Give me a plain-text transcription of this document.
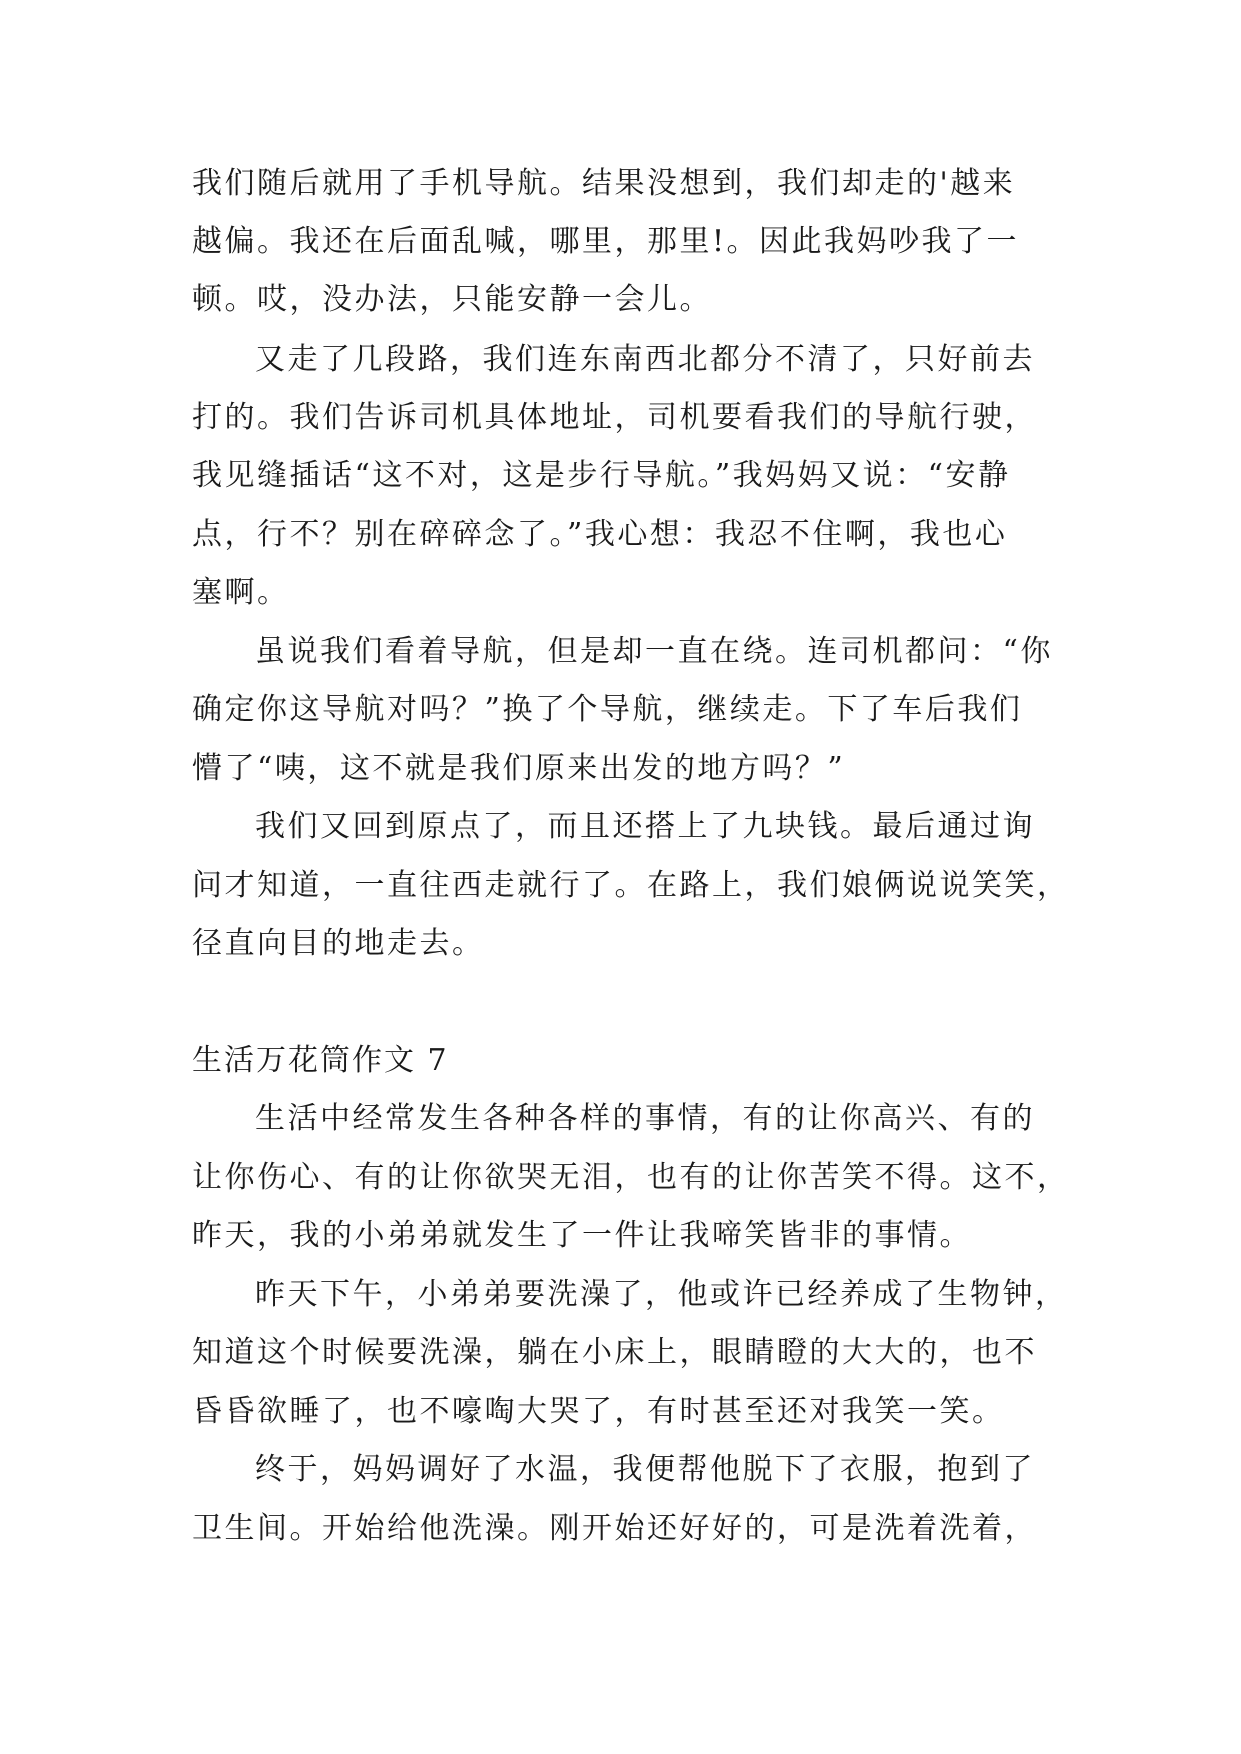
我们随后就用了手机导航。结果没想到，我们却走的'越来
越偏。我还在后面乱喊，哪里，那里!。因此我妈吵我了一
顿。哎，没办法，只能安静一会儿。
又走了几段路，我们连东南西北都分不清了，只好前去
打的。我们告诉司机具体地址，司机要看我们的导航行驶，
我见缝插话“这不对，这是步行导航。”我妈妈又说：“安静
点，行不？别在碎碎念了。”我心想：我忍不住啊，我也心
塞啊。
虽说我们看着导航，但是却一直在绕。连司机都问：“你
确定你这导航对吗？”换了个导航，继续走。下了车后我们
懵了“咦，这不就是我们原来出发的地方吗？”
我们又回到原点了，而且还搭上了九块钱。最后通过询
问才知道，一直往西走就行了。在路上，我们娘俩说说笑笑，
径直向目的地走去。
生活万花筒作文 7
生活中经常发生各种各样的事情，有的让你高兴、有的
让你伤心、有的让你欲哭无泪，也有的让你苦笑不得。这不，
昨天，我的小弟弟就发生了一件让我啼笑皆非的事情。
昨天下午，小弟弟要洗澡了，他或许已经养成了生物钟，
知道这个时候要洗澡，躺在小床上，眼睛瞪的大大的，也不
昏昏欲睡了，也不嚎啕大哭了，有时甚至还对我笑一笑。
终于，妈妈调好了水温，我便帮他脱下了衣服，抱到了
卫生间。开始给他洗澡。刚开始还好好的，可是洗着洗着，
